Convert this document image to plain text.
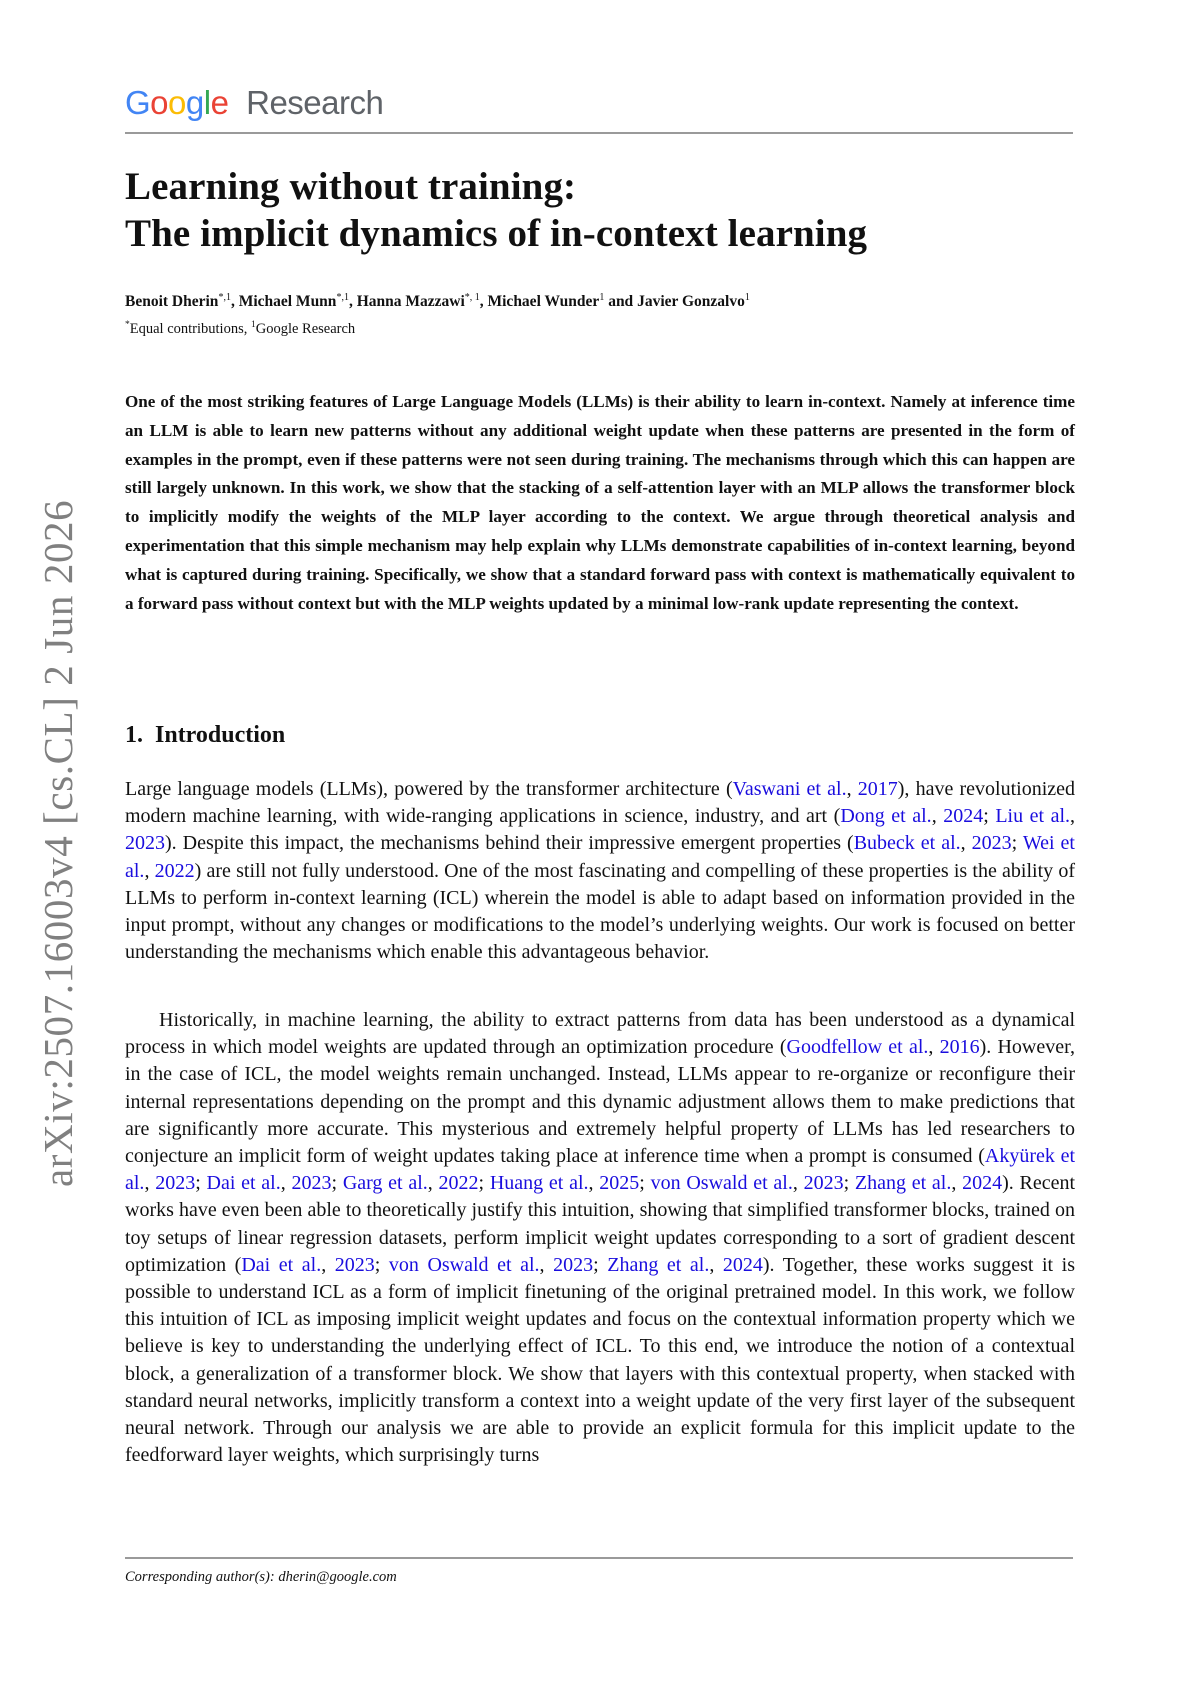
Google Research
arXiv:2507.16003v4 [cs.CL] 2 Jun 2026
Learning without training:
The implicit dynamics of in-context learning
Benoit Dherin$^{*,1}$, Michael Munn$^{*,1}$, Hanna Mazzawi$^{*, 1}$, Michael Wunder$^1$ and Javier Gonzalvo$^1$
*Equal contributions, $^1$Google Research

One of the most striking features of Large Language Models (LLMs) is their ability to learn in-context. Namely at inference time an LLM is able to learn new patterns without any additional weight update when these patterns are presented in the form of examples in the prompt, even if these patterns were not seen during training. The mechanisms through which this can happen are still largely unknown. In this work, we show that the stacking of a self-attention layer with an MLP allows the transformer block to implicitly modify the weights of the MLP layer according to the context. We argue through theoretical analysis and experimentation that this simple mechanism may help explain why LLMs demonstrate capabilities of in-context learning, beyond what is captured during training. Specifically, we show that a standard forward pass with context is mathematically equivalent to a forward pass without context but with the MLP weights updated by a minimal low-rank update representing the context.

1. Introduction

Large language models (LLMs), powered by the transformer architecture (Vaswani et al., 2017), have revolutionized modern machine learning, with wide-ranging applications in science, industry, and art (Dong et al., 2024; Liu et al., 2023). Despite this impact, the mechanisms behind their impressive emergent properties (Bubeck et al., 2023; Wei et al., 2022) are still not fully understood. One of the most fascinating and compelling of these properties is the ability of LLMs to perform in-context learning (ICL) wherein the model is able to adapt based on information provided in the input prompt, without any changes or modifications to the model’s underlying weights. Our work is focused on better understanding the mechanisms which enable this advantageous behavior.

Historically, in machine learning, the ability to extract patterns from data has been understood as a dynamical process in which model weights are updated through an optimization procedure (Goodfellow et al., 2016). However, in the case of ICL, the model weights remain unchanged. Instead, LLMs appear to re-organize or reconfigure their internal representations depending on the prompt and this dynamic adjustment allows them to make predictions that are significantly more accurate. This mysterious and extremely helpful property of LLMs has led researchers to conjecture an implicit form of weight updates taking place at inference time when a prompt is consumed (Akyürek et al., 2023; Dai et al., 2023; Garg et al., 2022; Huang et al., 2025; von Oswald et al., 2023; Zhang et al., 2024). Recent works have even been able to theoretically justify this intuition, showing that simplified transformer blocks, trained on toy setups of linear regression datasets, perform implicit weight updates corresponding to a sort of gradient descent optimization (Dai et al., 2023; von Oswald et al., 2023; Zhang et al., 2024). Together, these works suggest it is possible to understand ICL as a form of implicit finetuning of the original pretrained model. In this work, we follow this intuition of ICL as imposing implicit weight updates and focus on the contextual information property which we believe is key to understanding the underlying effect of ICL. To this end, we introduce the notion of a contextual block, a generalization of a transformer block. We show that layers with this contextual property, when stacked with standard neural networks, implicitly transform a context into a weight update of the very first layer of the subsequent neural network. Through our analysis we are able to provide an explicit formula for this implicit update to the feedforward layer weights, which surprisingly turns

Corresponding author(s): dherin@google.com
